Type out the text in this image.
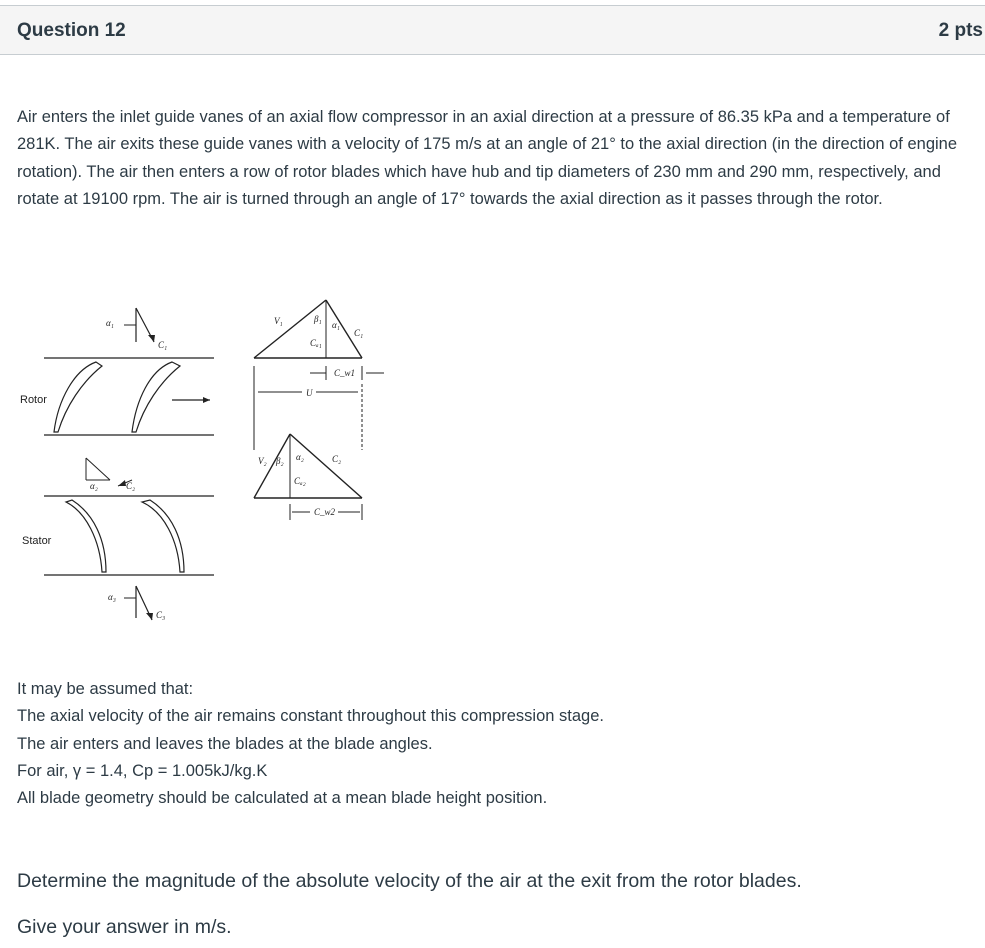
Question 12	2 pts

Air enters the inlet guide vanes of an axial flow compressor in an axial direction at a pressure of 86.35 kPa and a temperature of 281K. The air exits these guide vanes with a velocity of 175 m/s at an angle of 21° to the axial direction (in the direction of engine rotation). The air then enters a row of rotor blades which have hub and tip diameters of 230 mm and 290 mm, respectively, and rotate at 19100 rpm. The air is turned through an angle of 17° towards the axial direction as it passes through the rotor.

α₁
C₁
Rotor
α₂	C₂
Stator
α₃
C₃
V₁	β₁
α₁
C₁
Cₐ₁
C_w1
U
V₂ β₂ α₂	C₂
Cₐ₂
C_w2

It may be assumed that:

The axial velocity of the air remains constant throughout this compression stage.

The air enters and leaves the blades at the blade angles.

For air, γ = 1.4, Cp = 1.005kJ/kg.K

All blade geometry should be calculated at a mean blade height position.

Determine the magnitude of the absolute velocity of the air at the exit from the rotor blades.

Give your answer in m/s.
